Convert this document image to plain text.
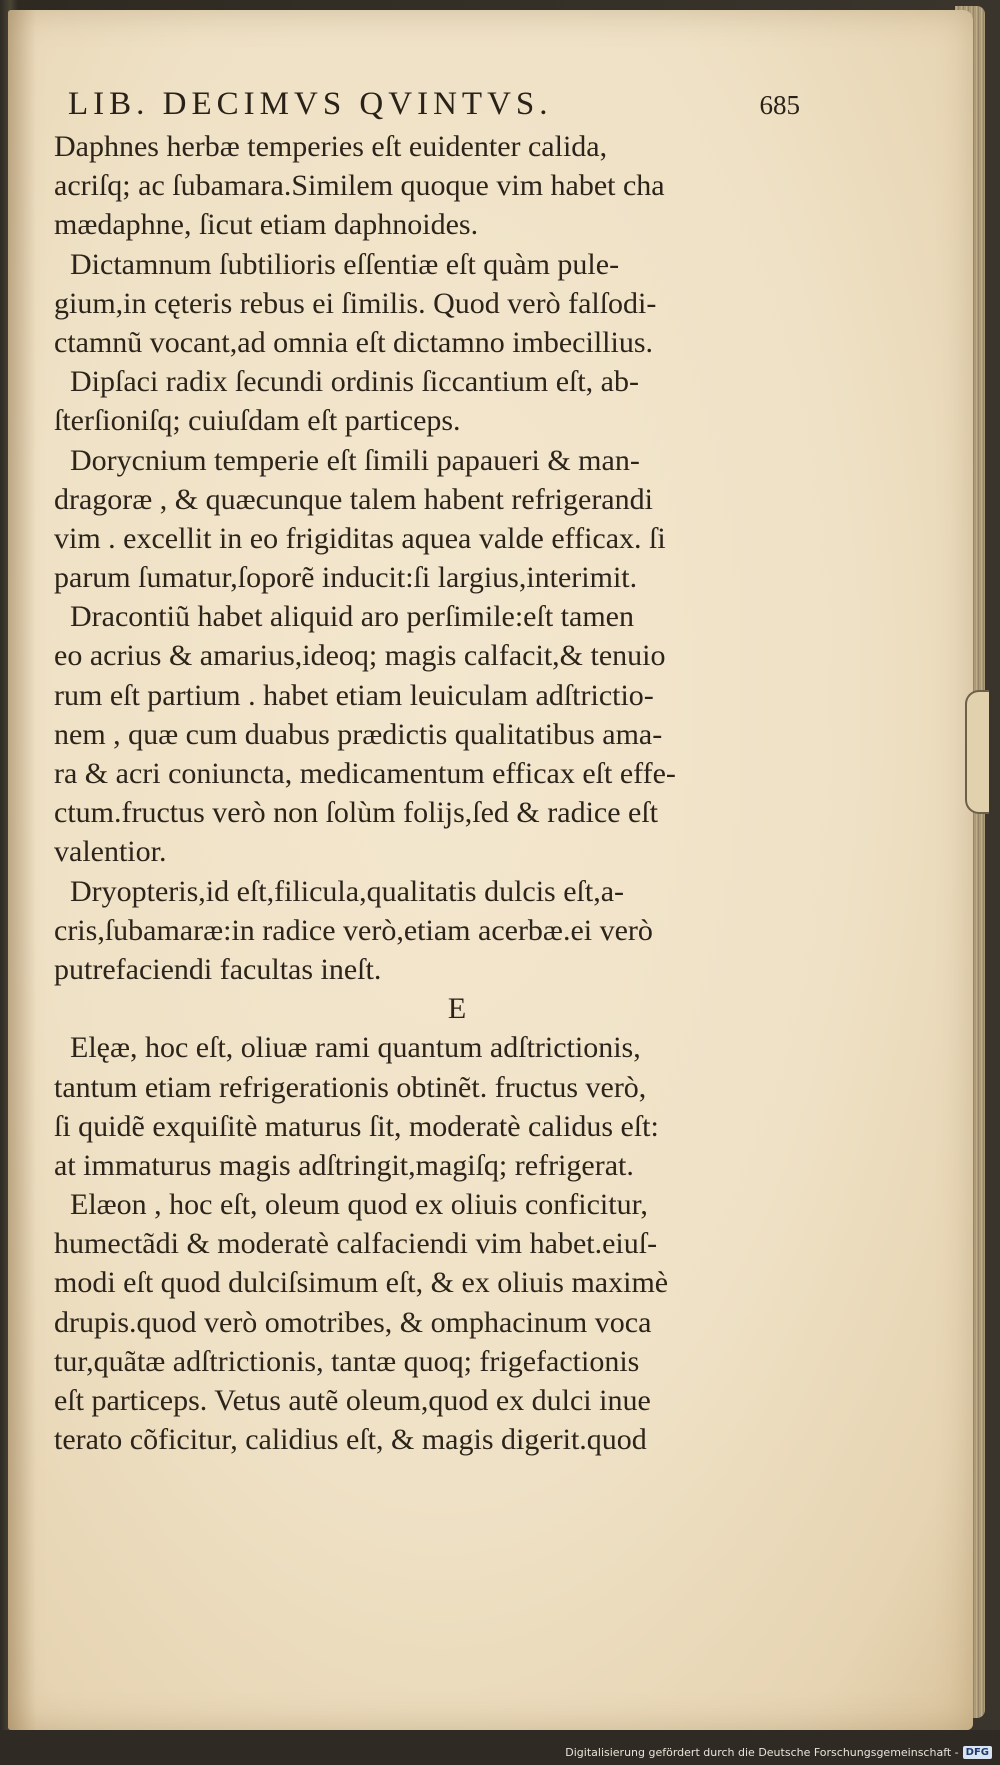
LIB. DECIMVS QVINTVS.	685
Daphnes herbæ temperies eſt euidenter calida,
acriſq; ac ſubamara.Similem quoque vim habet cha
mædaphne, ſicut etiam daphnoides.
Dictamnum ſubtilioris eſſentiæ eſt quàm pule-
gium,in cęteris rebus ei ſimilis. Quod verò falſodi-
ctamnũ vocant,ad omnia eſt dictamno imbecillius.
Dipſaci radix ſecundi ordinis ſiccantium eſt, ab-
ſterſioniſq; cuiuſdam eſt particeps.
Dorycnium temperie eſt ſimili papaueri & man-
dragoræ , & quæcunque talem habent refrigerandi
vim . excellit in eo frigiditas aquea valde efficax. ſi
parum ſumatur,ſoporẽ inducit:ſi largius,interimit.
Dracontiũ habet aliquid aro perſimile:eſt tamen
eo acrius & amarius,ideoq; magis calfacit,& tenuio
rum eſt partium . habet etiam leuiculam adſtrictio-
nem , quæ cum duabus prædictis qualitatibus ama-
ra & acri coniuncta, medicamentum efficax eſt effe-
ctum.fructus verò non ſolùm folijs,ſed & radice eſt
valentior.
Dryopteris,id eſt,filicula,qualitatis dulcis eſt,a-
cris,ſubamaræ:in radice verò,etiam acerbæ.ei verò
putrefaciendi facultas ineſt.
E
Elęæ, hoc eſt, oliuæ rami quantum adſtrictionis,
tantum etiam refrigerationis obtinẽt. fructus verò,
ſi quidẽ exquiſitè maturus ſit, moderatè calidus eſt:
at immaturus magis adſtringit,magiſq; refrigerat.
Elæon , hoc eſt, oleum quod ex oliuis conficitur,
humectãdi & moderatè calfaciendi vim habet.eiuſ-
modi eſt quod dulciſsimum eſt, & ex oliuis maximè
drupis.quod verò omotribes, & omphacinum voca
tur,quãtæ adſtrictionis, tantæ quoq; frigefactionis
eſt particeps. Vetus autẽ oleum,quod ex dulci inue
terato cõficitur, calidius eſt, & magis digerit.quod
Digitalisierung gefördert durch die Deutsche Forschungsgemeinschaft - DFG
